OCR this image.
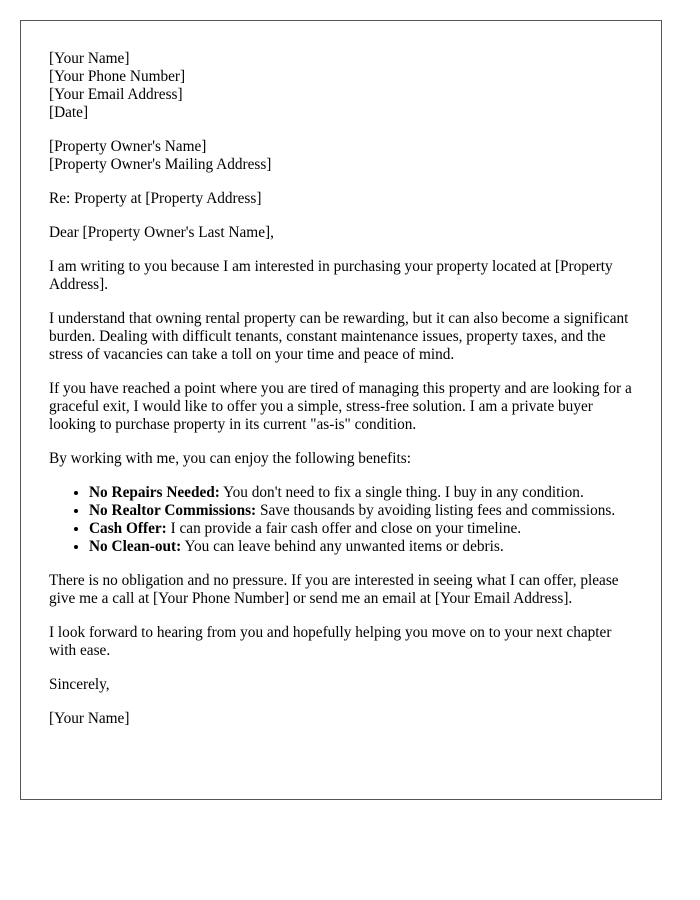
[Your Name]
[Your Phone Number]
[Your Email Address]
[Date]
[Property Owner's Name]
[Property Owner's Mailing Address]

Re: Property at [Property Address]

Dear [Property Owner's Last Name],

I am writing to you because I am interested in purchasing your property located at [Property Address].

I understand that owning rental property can be rewarding, but it can also become a significant burden. Dealing with difficult tenants, constant maintenance issues, property taxes, and the stress of vacancies can take a toll on your time and peace of mind.

If you have reached a point where you are tired of managing this property and are looking for a graceful exit, I would like to offer you a simple, stress-free solution. I am a private buyer looking to purchase property in its current "as-is" condition.

By working with me, you can enjoy the following benefits:

• No Repairs Needed: You don't need to fix a single thing. I buy in any condition.
• No Realtor Commissions: Save thousands by avoiding listing fees and commissions.
• Cash Offer: I can provide a fair cash offer and close on your timeline.
• No Clean-out: You can leave behind any unwanted items or debris.

There is no obligation and no pressure. If you are interested in seeing what I can offer, please give me a call at [Your Phone Number] or send me an email at [Your Email Address].

I look forward to hearing from you and hopefully helping you move on to your next chapter with ease.

Sincerely,

[Your Name]
